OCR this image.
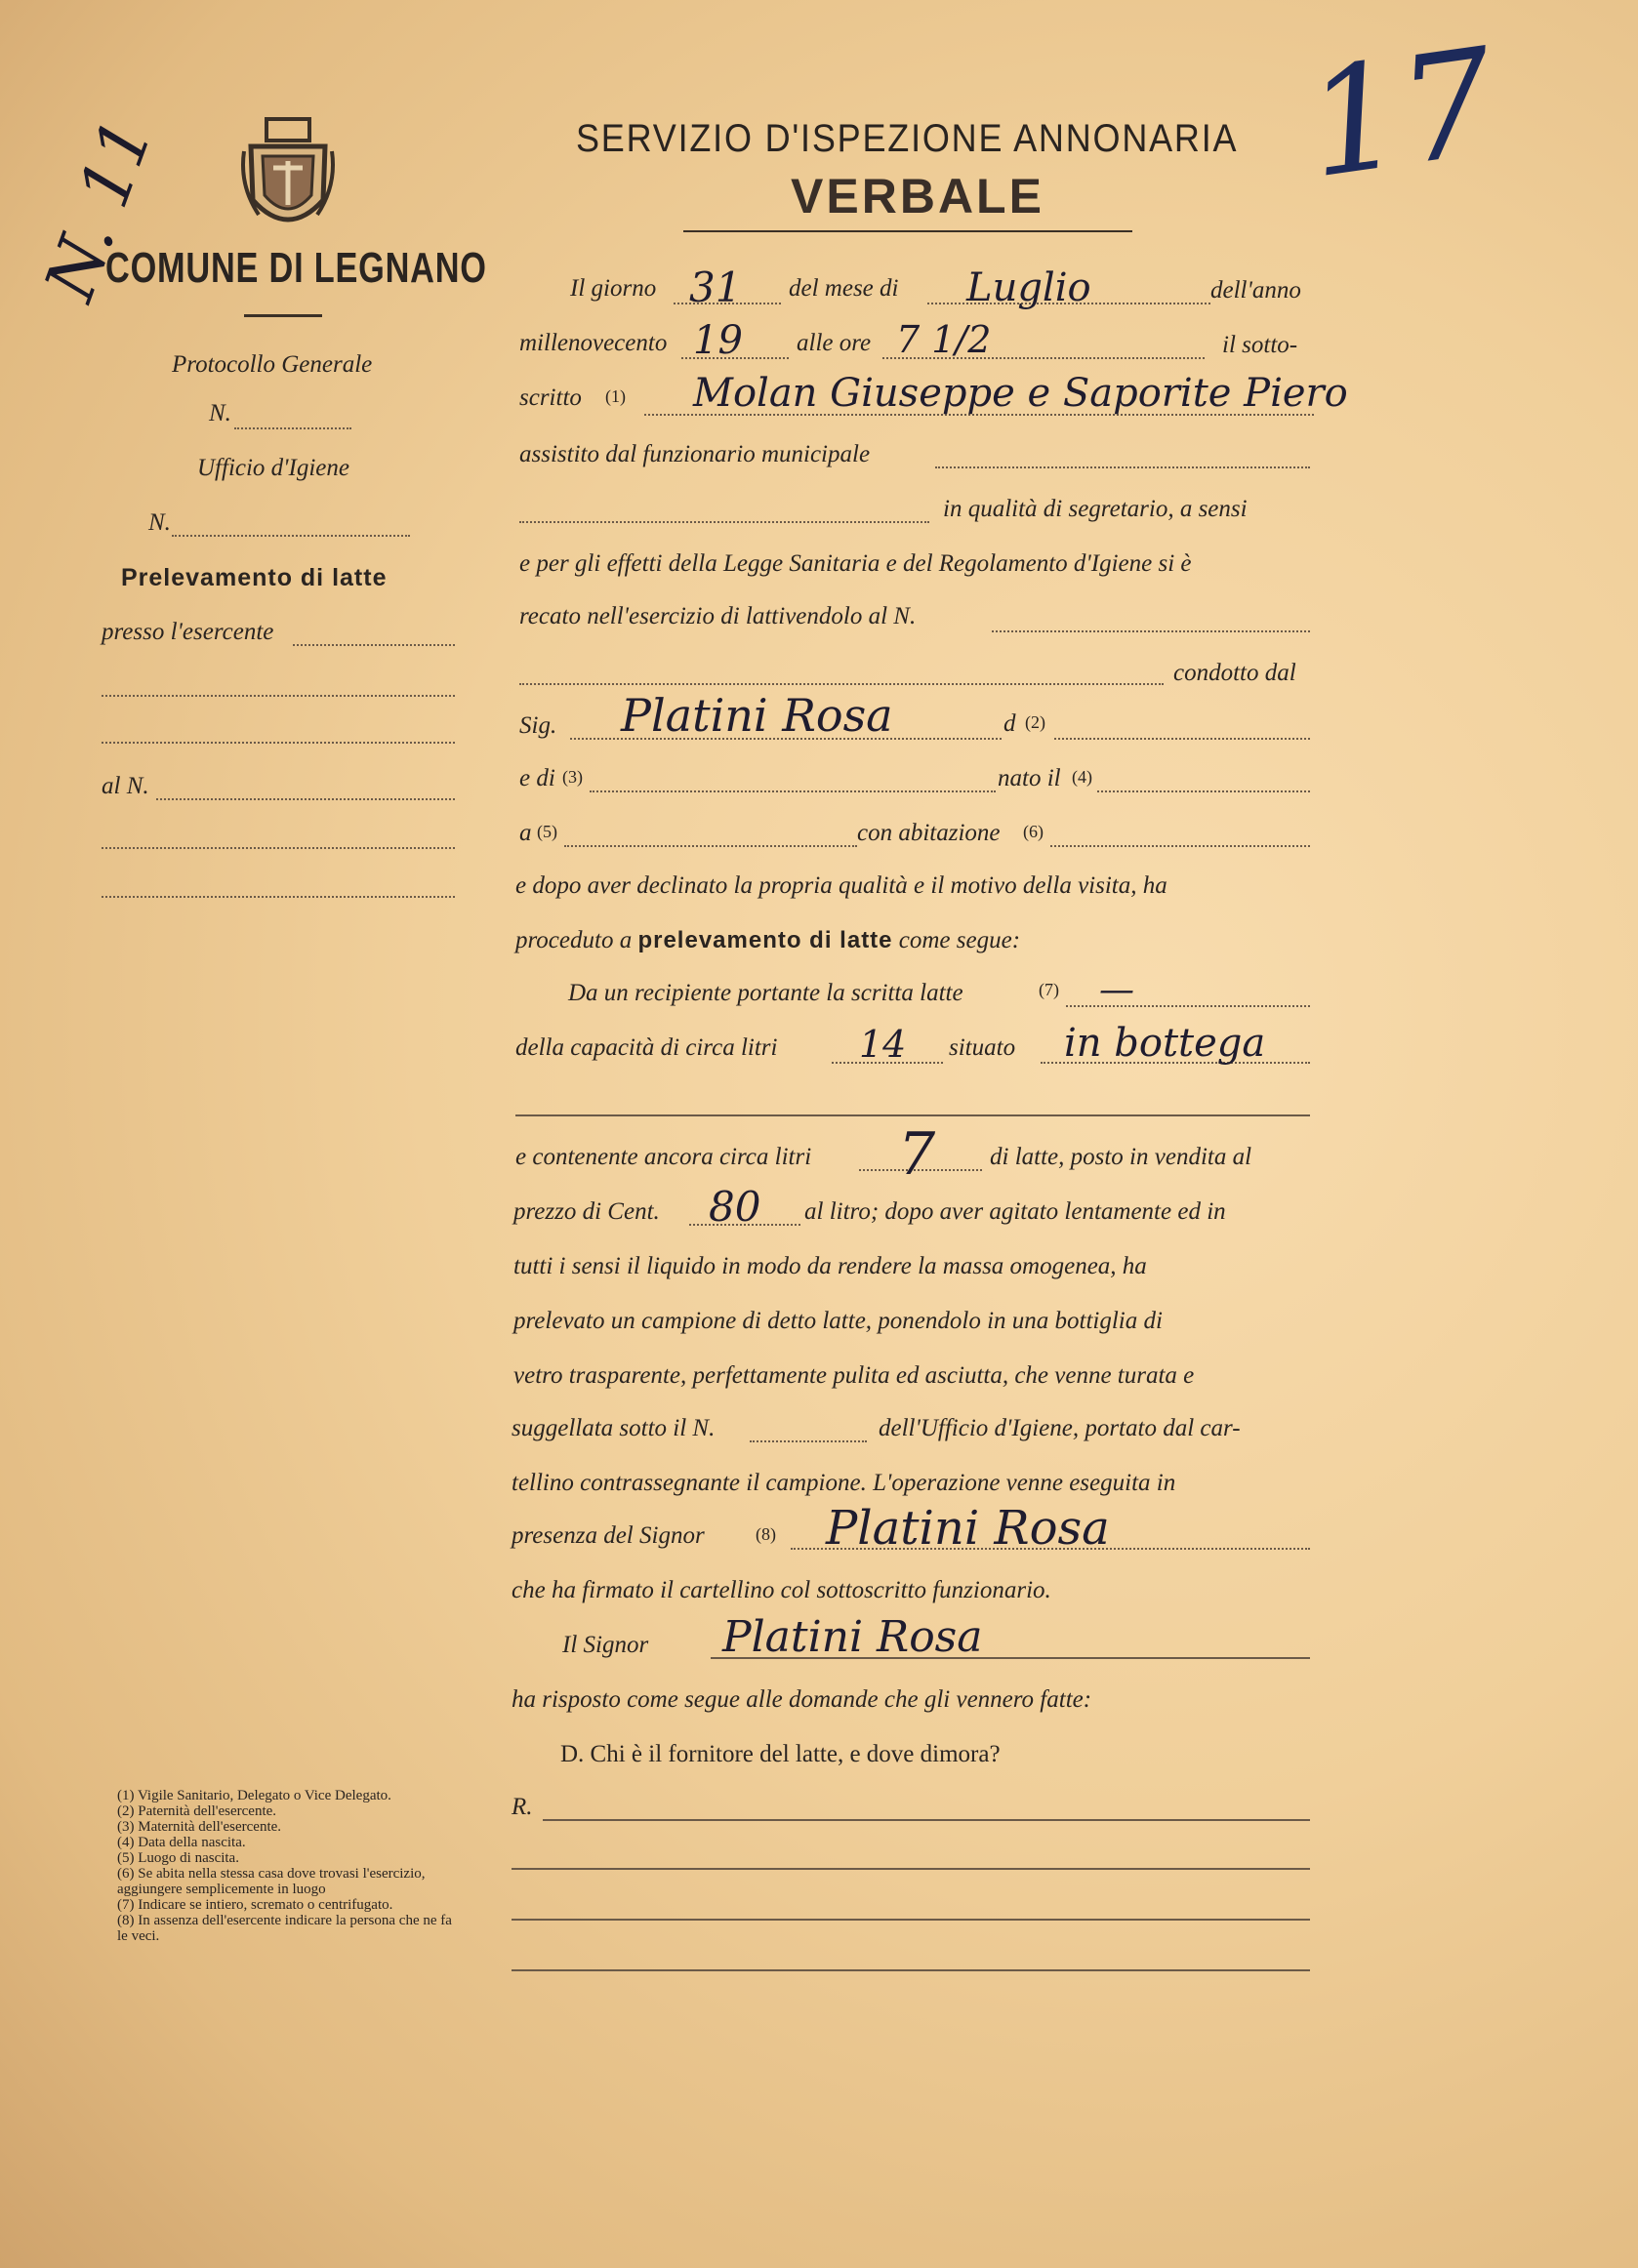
N. 11	17
COMUNE DI LEGNANO
Protocollo Generale
N.
Ufficio d'Igiene
N.
Prelevamento di latte
presso l'esercente
al N.
(1) Vigile Sanitario, Delegato o Vice Delegato.
(2) Paternità dell'esercente.
(3) Maternità dell'esercente.
(4) Data della nascita.
(5) Luogo di nascita.
(6) Se abita nella stessa casa dove trovasi l'esercizio, aggiungere semplicemente in luogo
(7) Indicare se intiero, scremato o centrifugato.
(8) In assenza dell'esercente indicare la persona che ne fa le veci.
SERVIZIO D'ISPEZIONE ANNONARIA
VERBALE
Il giorno 31 del mese di Luglio	dell'anno
millenovecento 19 alle ore 7 1/2	il sotto-
scritto (1) Molan Giuseppe e Saporite Piero
assistito dal funzionario municipale
in qualità di segretario, a sensi
e per gli effetti della Legge Sanitaria e del Regolamento d'Igiene si è
recato nell'esercizio di lattivendolo al N.
condotto dal
Sig. Platini Rosa	d (2)
e di (3)	nato il (4)
a (5)	con abitazione (6)
e dopo aver declinato la propria qualità e il motivo della visita, ha
proceduto a prelevamento di latte come segue:
Da un recipiente portante la scritta latte	(7) —
della capacità di circa litri 14 situato in bottega
e contenente ancora circa litri 7 di latte, posto in vendita al
prezzo di Cent. 80 al litro; dopo aver agitato lentamente ed in
tutti i sensi il liquido in modo da rendere la massa omogenea, ha
prelevato un campione di detto latte, ponendolo in una bottiglia di
vetro trasparente, perfettamente pulita ed asciutta, che venne turata e
suggellata sotto il N.	dell'Ufficio d'Igiene, portato dal car-
tellino contrassegnante il campione. L'operazione venne eseguita in
presenza del Signor	(8) Platini Rosa
che ha firmato il cartellino col sottoscritto funzionario.
Il Signor Platini Rosa
ha risposto come segue alle domande che gli vennero fatte:
D. Chi è il fornitore del latte, e dove dimora?
R.
